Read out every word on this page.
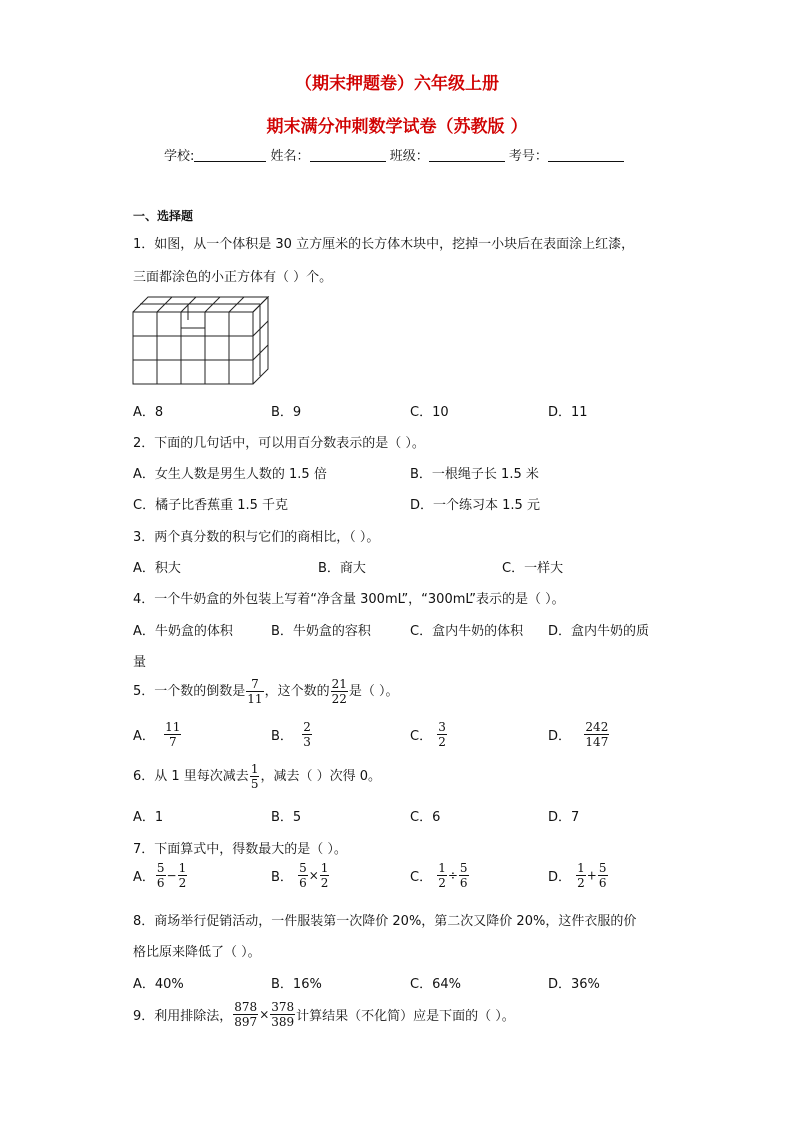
（期末押题卷）六年级上册
期末满分冲刺数学试卷（苏教版 ）
学校:	姓名：	班级：	考号：
一、选择题
1．如图，从一个体积是 30 立方厘米的长方体木块中，挖掉一小块后在表面涂上红漆，
三面都涂色的小正方体有（ ）个。
A．8	B．9	C．10	D．11
2．下面的几句话中，可以用百分数表示的是（ ）。
A．女生人数是男生人数的 1.5 倍	B．一根绳子长 1.5 米
C．橘子比香蕉重 1.5 千克	D．一个练习本 1.5 元
3．两个真分数的积与它们的商相比，（ ）。
A．积大	B．商大	C．一样大
4．一个牛奶盒的外包装上写着“净含量 300mL”，“300mL”表示的是（ ）。
A．牛奶盒的体积	B．牛奶盒的容积	C．盒内牛奶的体积 D．盒内牛奶的质
量
5．一个数的倒数是 $\frac{7}{11}$ ，这个数的 $\frac{21}{22}$ 是（ ）。
A． $\frac{11}{7}$	B． $\frac{2}{3}$	C． $\frac{3}{2}$	D． $\frac{242}{147}$
6．从 1 里每次减去 $\frac{1}{5}$ ，减去（ ）次得 0。
A．1	B．5	C．6	D．7
7．下面算式中，得数最大的是（ ）。
A． $\frac{5}{6} - \frac{1}{2}$	B． $\frac{5}{6} \times \frac{1}{2}$	C． $\frac{1}{2} \div \frac{5}{6}$	D． $\frac{1}{2} + \frac{5}{6}$
8．商场举行促销活动，一件服装第一次降价 20%，第二次又降价 20%，这件衣服的价
格比原来降低了（ ）。
A．40%	B．16%	C．64%	D．36%
9．利用排除法， $\frac{878}{897} \times \frac{378}{389}$ 计算结果（不化简）应是下面的（ ）。
